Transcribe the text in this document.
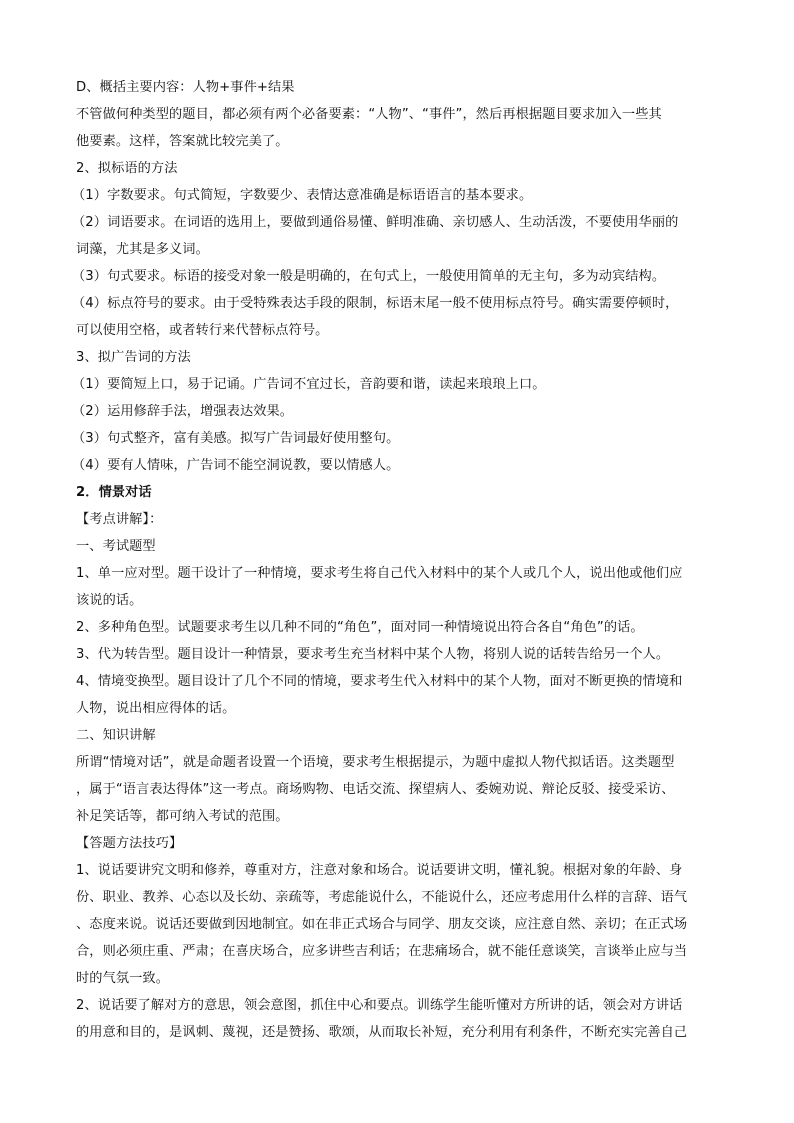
D、概括主要内容：人物+事件+结果
不管做何种类型的题目，都必须有两个必备要素：“人物”、“事件”，然后再根据题目要求加入一些其
他要素。这样，答案就比较完美了。
2、拟标语的方法
（1）字数要求。句式简短，字数要少、表情达意准确是标语语言的基本要求。
（2）词语要求。在词语的选用上，要做到通俗易懂、鲜明准确、亲切感人、生动活泼，不要使用华丽的
词藻，尤其是多义词。
（3）句式要求。标语的接受对象一般是明确的，在句式上，一般使用简单的无主句，多为动宾结构。
（4）标点符号的要求。由于受特殊表达手段的限制，标语末尾一般不使用标点符号。确实需要停顿时，
可以使用空格，或者转行来代替标点符号。
3、拟广告词的方法
（1）要简短上口，易于记诵。广告词不宜过长，音韵要和谐，读起来琅琅上口。
（2）运用修辞手法，增强表达效果。
（3）句式整齐，富有美感。拟写广告词最好使用整句。
（4）要有人情味，广告词不能空洞说教，要以情感人。
2．情景对话
【考点讲解】：
一、考试题型
1、单一应对型。题干设计了一种情境，要求考生将自己代入材料中的某个人或几个人，说出他或他们应
该说的话。
2、多种角色型。试题要求考生以几种不同的“角色”，面对同一种情境说出符合各自“角色”的话。
3、代为转告型。题目设计一种情景，要求考生充当材料中某个人物，将别人说的话转告给另一个人。
4、情境变换型。题目设计了几个不同的情境，要求考生代入材料中的某个人物，面对不断更换的情境和
人物，说出相应得体的话。
二、知识讲解
所谓“情境对话”，就是命题者设置一个语境，要求考生根据提示，为题中虚拟人物代拟话语。这类题型
，属于“语言表达得体”这一考点。商场购物、电话交流、探望病人、委婉劝说、辩论反驳、接受采访、
补足笑话等，都可纳入考试的范围。
【答题方法技巧】
1、说话要讲究文明和修养，尊重对方，注意对象和场合。说话要讲文明，懂礼貌。根据对象的年龄、身
份、职业、教养、心态以及长幼、亲疏等，考虑能说什么，不能说什么，还应考虑用什么样的言辞、语气
、态度来说。说话还要做到因地制宜。如在非正式场合与同学、朋友交谈，应注意自然、亲切；在正式场
合，则必须庄重、严肃；在喜庆场合，应多讲些吉利话；在悲痛场合，就不能任意谈笑，言谈举止应与当
时的气氛一致。
2、说话要了解对方的意思，领会意图，抓住中心和要点。训练学生能听懂对方所讲的话，领会对方讲话
的用意和目的，是讽刺、蔑视，还是赞扬、歌颂，从而取长补短，充分利用有利条件，不断充实完善自己
